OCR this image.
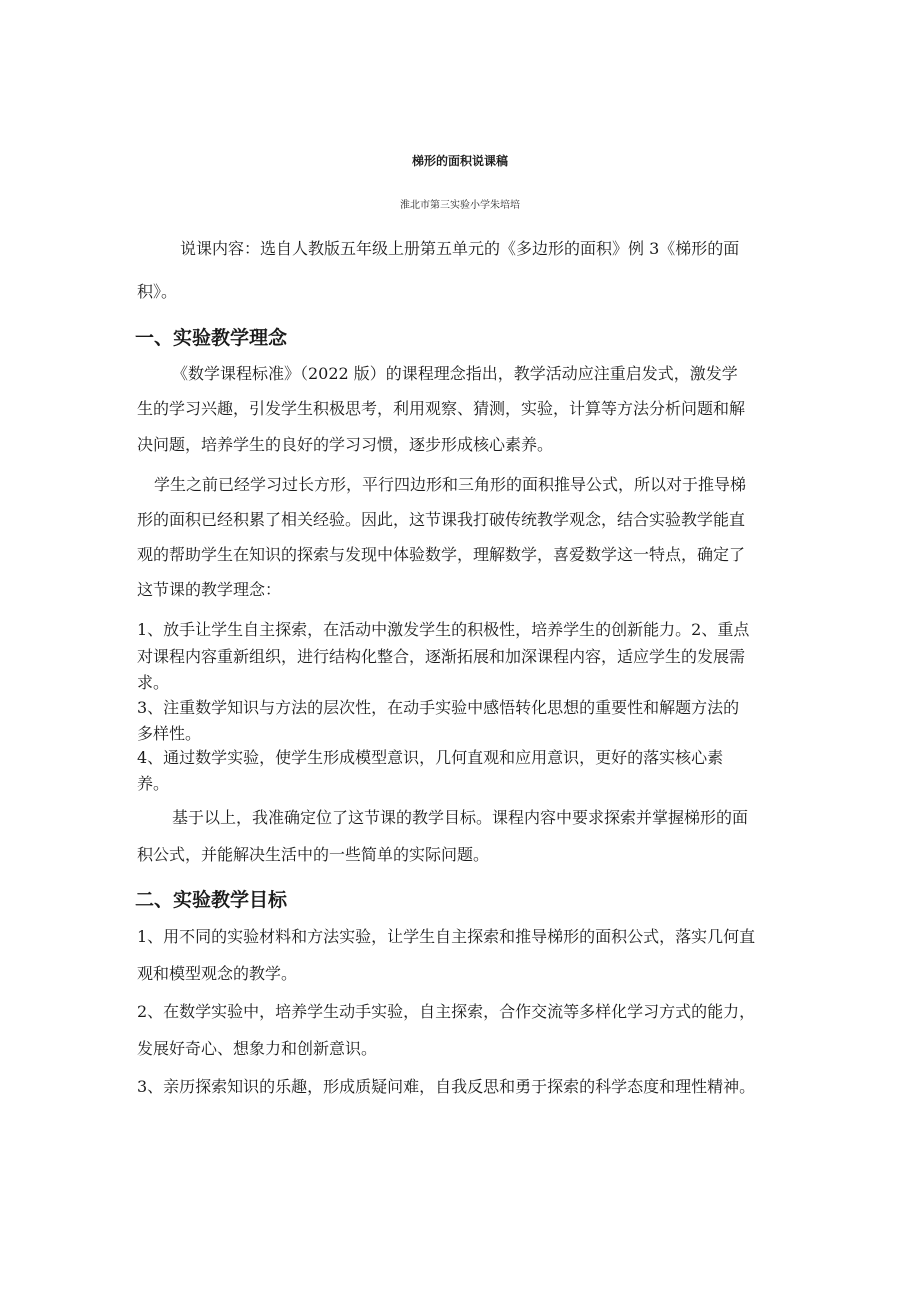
梯形的面积说课稿
淮北市第三实验小学朱培培
说课内容：选自人教版五年级上册第五单元的《多边形的面积》例 3《梯形的面
积》。
一、实验教学理念
《数学课程标准》（2022 版）的课程理念指出，教学活动应注重启发式，激发学
生的学习兴趣，引发学生积极思考，利用观察、猜测，实验，计算等方法分析问题和解
决问题，培养学生的良好的学习习惯，逐步形成核心素养。
学生之前已经学习过长方形，平行四边形和三角形的面积推导公式，所以对于推导梯
形的面积已经积累了相关经验。因此，这节课我打破传统教学观念，结合实验教学能直
观的帮助学生在知识的探索与发现中体验数学，理解数学，喜爱数学这一特点，确定了
这节课的教学理念：
1、放手让学生自主探索，在活动中激发学生的积极性，培养学生的创新能力。2、重点
对课程内容重新组织，进行结构化整合，逐渐拓展和加深课程内容，适应学生的发展需
求。
3、注重数学知识与方法的层次性，在动手实验中感悟转化思想的重要性和解题方法的
多样性。
4、通过数学实验，使学生形成模型意识，几何直观和应用意识，更好的落实核心素
养。
基于以上，我准确定位了这节课的教学目标。课程内容中要求探索并掌握梯形的面
积公式，并能解决生活中的一些简单的实际问题。
二、实验教学目标
1、用不同的实验材料和方法实验，让学生自主探索和推导梯形的面积公式，落实几何直
观和模型观念的教学。
2、在数学实验中，培养学生动手实验，自主探索，合作交流等多样化学习方式的能力，
发展好奇心、想象力和创新意识。
3、亲历探索知识的乐趣，形成质疑问难，自我反思和勇于探索的科学态度和理性精神。
